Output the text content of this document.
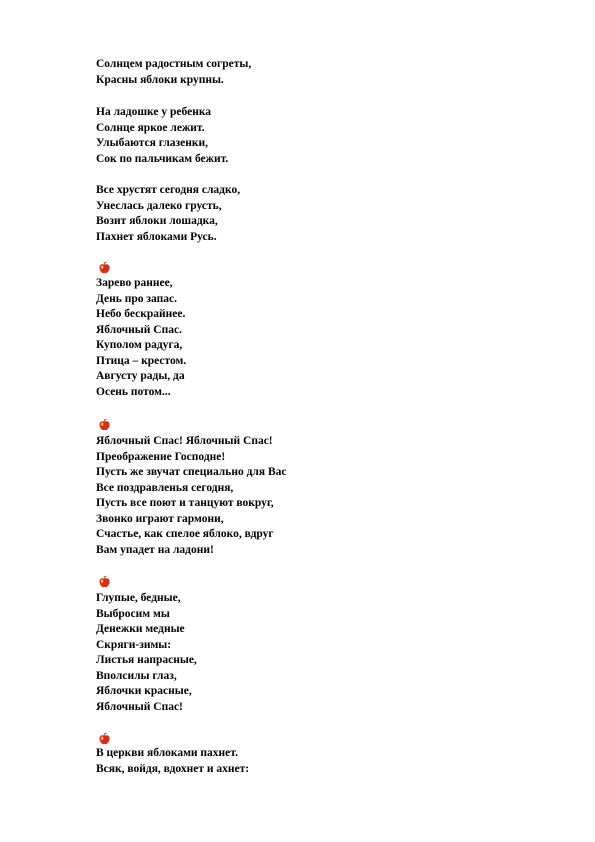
Солнцем радостным согреты,
Красны яблоки крупны.
На ладошке у ребенка
Солнце яркое лежит.
Улыбаются глазенки,
Сок по пальчикам бежит.
Все хрустят сегодня сладко,
Унеслась далеко грусть,
Возит яблоки лошадка,
Пахнет яблоками Русь.
Зарево раннее,
День про запас.
Небо бескрайнее.
Яблочный Спас.
Куполом радуга,
Птица – крестом.
Августу рады, да
Осень потом...
Яблочный Спас! Яблочный Спас!
Преображение Господне!
Пусть же звучат специально для Вас
Все поздравленья сегодня,
Пусть все поют и танцуют вокруг,
Звонко играют гармони,
Счастье, как спелое яблоко, вдруг
Вам упадет на ладони!
Глупые, бедные,
Выбросим мы
Денежки медные
Скряги-зимы:
Листья напрасные,
Вполсилы глаз,
Яблочки красные,
Яблочный Спас!
В церкви яблоками пахнет.
Всяк, войдя, вдохнет и ахнет:
